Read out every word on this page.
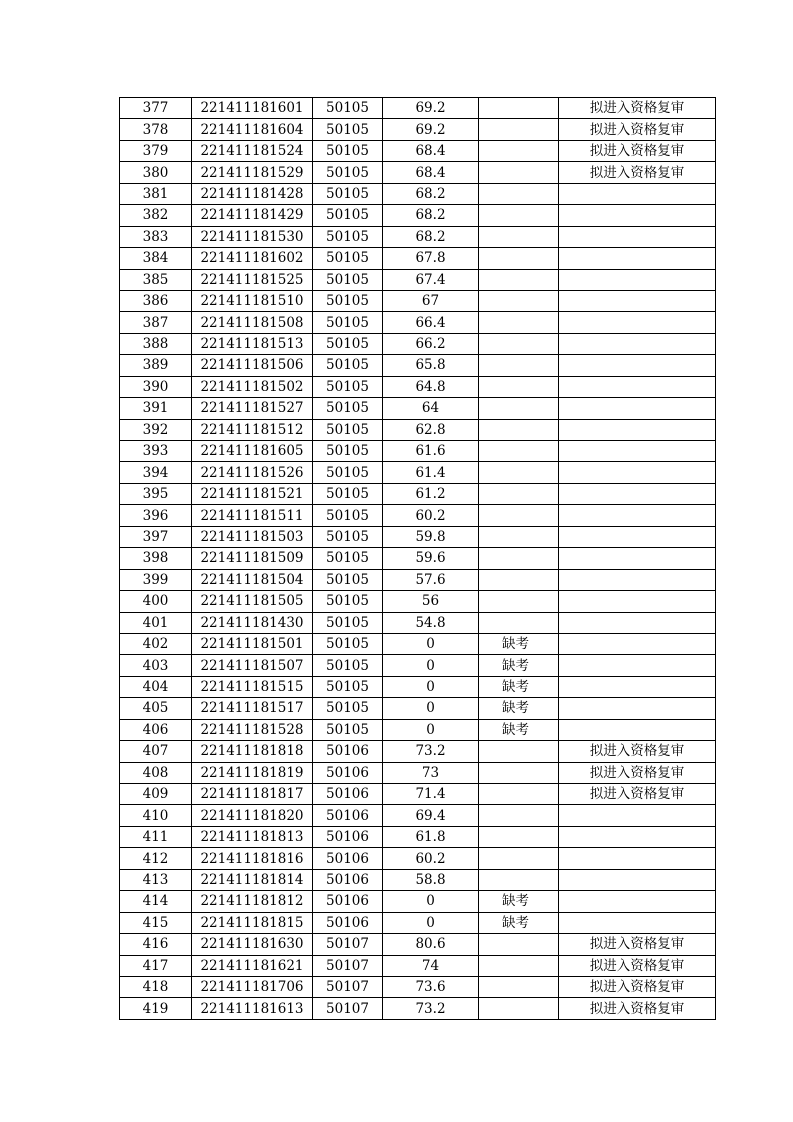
377	221411181601	50105	69.2		拟进入资格复审
378	221411181604	50105	69.2		拟进入资格复审
379	221411181524	50105	68.4		拟进入资格复审
380	221411181529	50105	68.4		拟进入资格复审
381	221411181428	50105	68.2		
382	221411181429	50105	68.2		
383	221411181530	50105	68.2		
384	221411181602	50105	67.8		
385	221411181525	50105	67.4		
386	221411181510	50105	67		
387	221411181508	50105	66.4		
388	221411181513	50105	66.2		
389	221411181506	50105	65.8		
390	221411181502	50105	64.8		
391	221411181527	50105	64		
392	221411181512	50105	62.8		
393	221411181605	50105	61.6		
394	221411181526	50105	61.4		
395	221411181521	50105	61.2		
396	221411181511	50105	60.2		
397	221411181503	50105	59.8		
398	221411181509	50105	59.6		
399	221411181504	50105	57.6		
400	221411181505	50105	56		
401	221411181430	50105	54.8		
402	221411181501	50105	0	缺考	
403	221411181507	50105	0	缺考	
404	221411181515	50105	0	缺考	
405	221411181517	50105	0	缺考	
406	221411181528	50105	0	缺考	
407	221411181818	50106	73.2		拟进入资格复审
408	221411181819	50106	73		拟进入资格复审
409	221411181817	50106	71.4		拟进入资格复审
410	221411181820	50106	69.4		
411	221411181813	50106	61.8		
412	221411181816	50106	60.2		
413	221411181814	50106	58.8		
414	221411181812	50106	0	缺考	
415	221411181815	50106	0	缺考	
416	221411181630	50107	80.6		拟进入资格复审
417	221411181621	50107	74		拟进入资格复审
418	221411181706	50107	73.6		拟进入资格复审
419	221411181613	50107	73.2		拟进入资格复审
